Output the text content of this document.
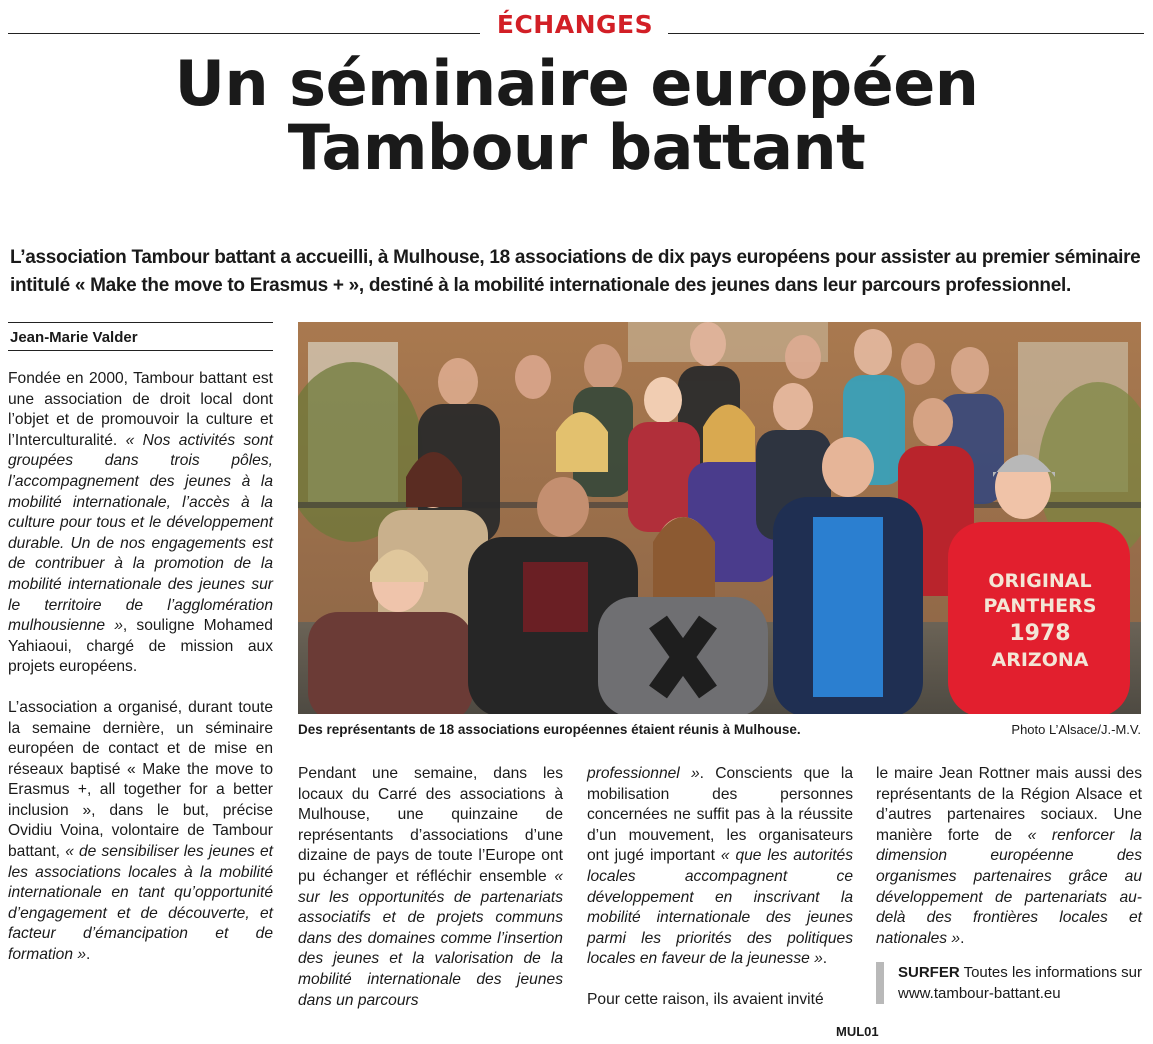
ÉCHANGES
Un séminaire européen
Tambour battant
L’association Tambour battant a accueilli, à Mulhouse, 18 associations de dix pays européens pour assister au premier séminaire
intitulé « Make the move to Erasmus + », destiné à la mobilité internationale des jeunes dans leur parcours professionnel.
Jean-Marie Valder

Fondée en 2000, Tambour battant est une association de droit local dont l’objet et de promouvoir la culture et l’Interculturalité. « Nos activités sont groupées dans trois pôles, l’accompagnement des jeunes à la mobilité internationale, l’accès à la culture pour tous et le développement durable. Un de nos engagements est de contribuer à la promotion de la mobilité internationale des jeunes sur le territoire de l’agglomération mulhousienne », souligne Mohamed Yahiaoui, chargé de mission aux projets européens.

L’association a organisé, durant toute la semaine dernière, un séminaire européen de contact et de mise en réseaux baptisé « Make the move to Erasmus +, all together for a better inclusion », dans le but, précise Ovidiu Voina, volontaire de Tambour battant, « de sensibiliser les jeunes et les associations locales à la mobilité internationale en tant qu’opportunité d’engagement et de découverte, et facteur d’émancipation et de formation ».

ORIGINAL
PANTHERS
1978
ARIZONA
Des représentants de 18 associations européennes étaient réunis à Mulhouse.	Photo L’Alsace/J.-M.V.

Pendant une semaine, dans les locaux du Carré des associations à Mulhouse, une quinzaine de représentants d’associations d’une dizaine de pays de toute l’Europe ont pu échanger et réfléchir ensemble « sur les opportunités de partenariats associatifs et de projets communs dans des domaines comme l’insertion des jeunes et la valorisation de la mobilité internationale des jeunes dans un parcours

professionnel ». Conscients que la mobilisation des personnes concernées ne suffit pas à la réussite d’un mouvement, les organisateurs ont jugé important « que les autorités locales accompagnent ce développement en inscrivant la mobilité internationale des jeunes parmi les priorités des politiques locales en faveur de la jeunesse ».

Pour cette raison, ils avaient invité

le maire Jean Rottner mais aussi des représentants de la Région Alsace et d’autres partenaires sociaux. Une manière forte de « renforcer la dimension européenne des organismes partenaires grâce au développement de partenariats au-delà des frontières locales et nationales ».

SURFER Toutes les informations sur
www.tambour-battant.eu
MUL01
